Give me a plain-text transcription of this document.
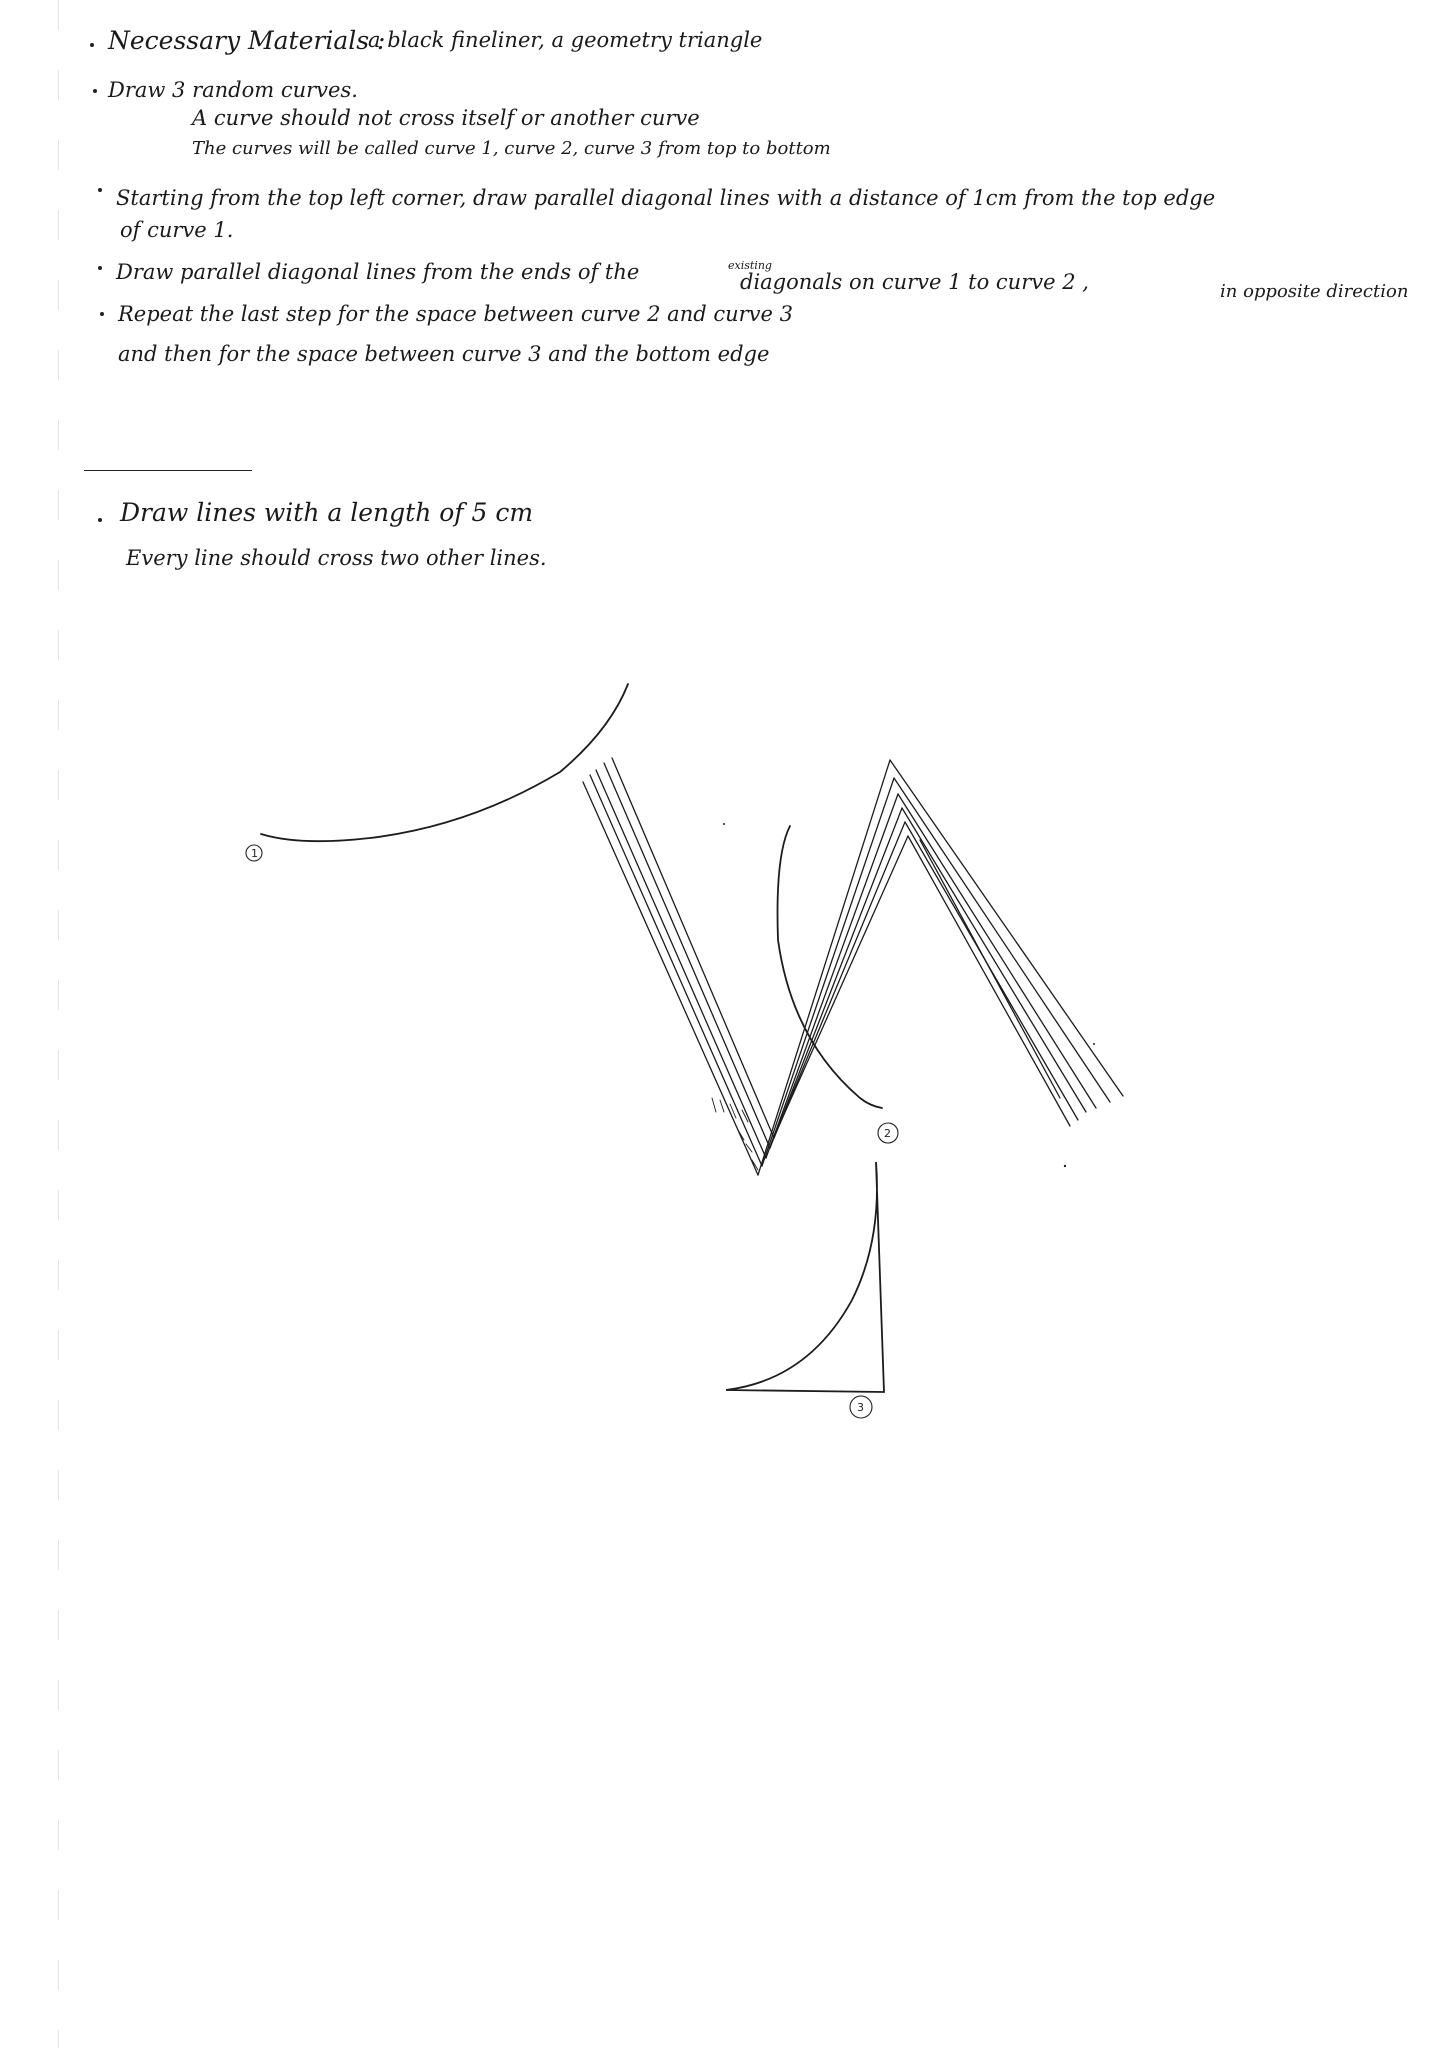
Necessary Materials :
a black fineliner, a geometry triangle
Draw 3 random curves.
A curve should not cross itself or another curve
The curves will be called curve 1, curve 2, curve 3 from top to bottom
Starting from the top left corner, draw parallel diagonal lines with a distance of 1cm from the top edge
of curve 1.
Draw parallel diagonal lines from the ends of the	existing
diagonals on curve 1 to curve 2 ,	in opposite direction
Repeat the last step for the space between curve 2 and curve 3
and then for the space between curve 3 and the bottom edge
Draw lines with a length of 5 cm
Every line should cross two other lines.
1
2
3
